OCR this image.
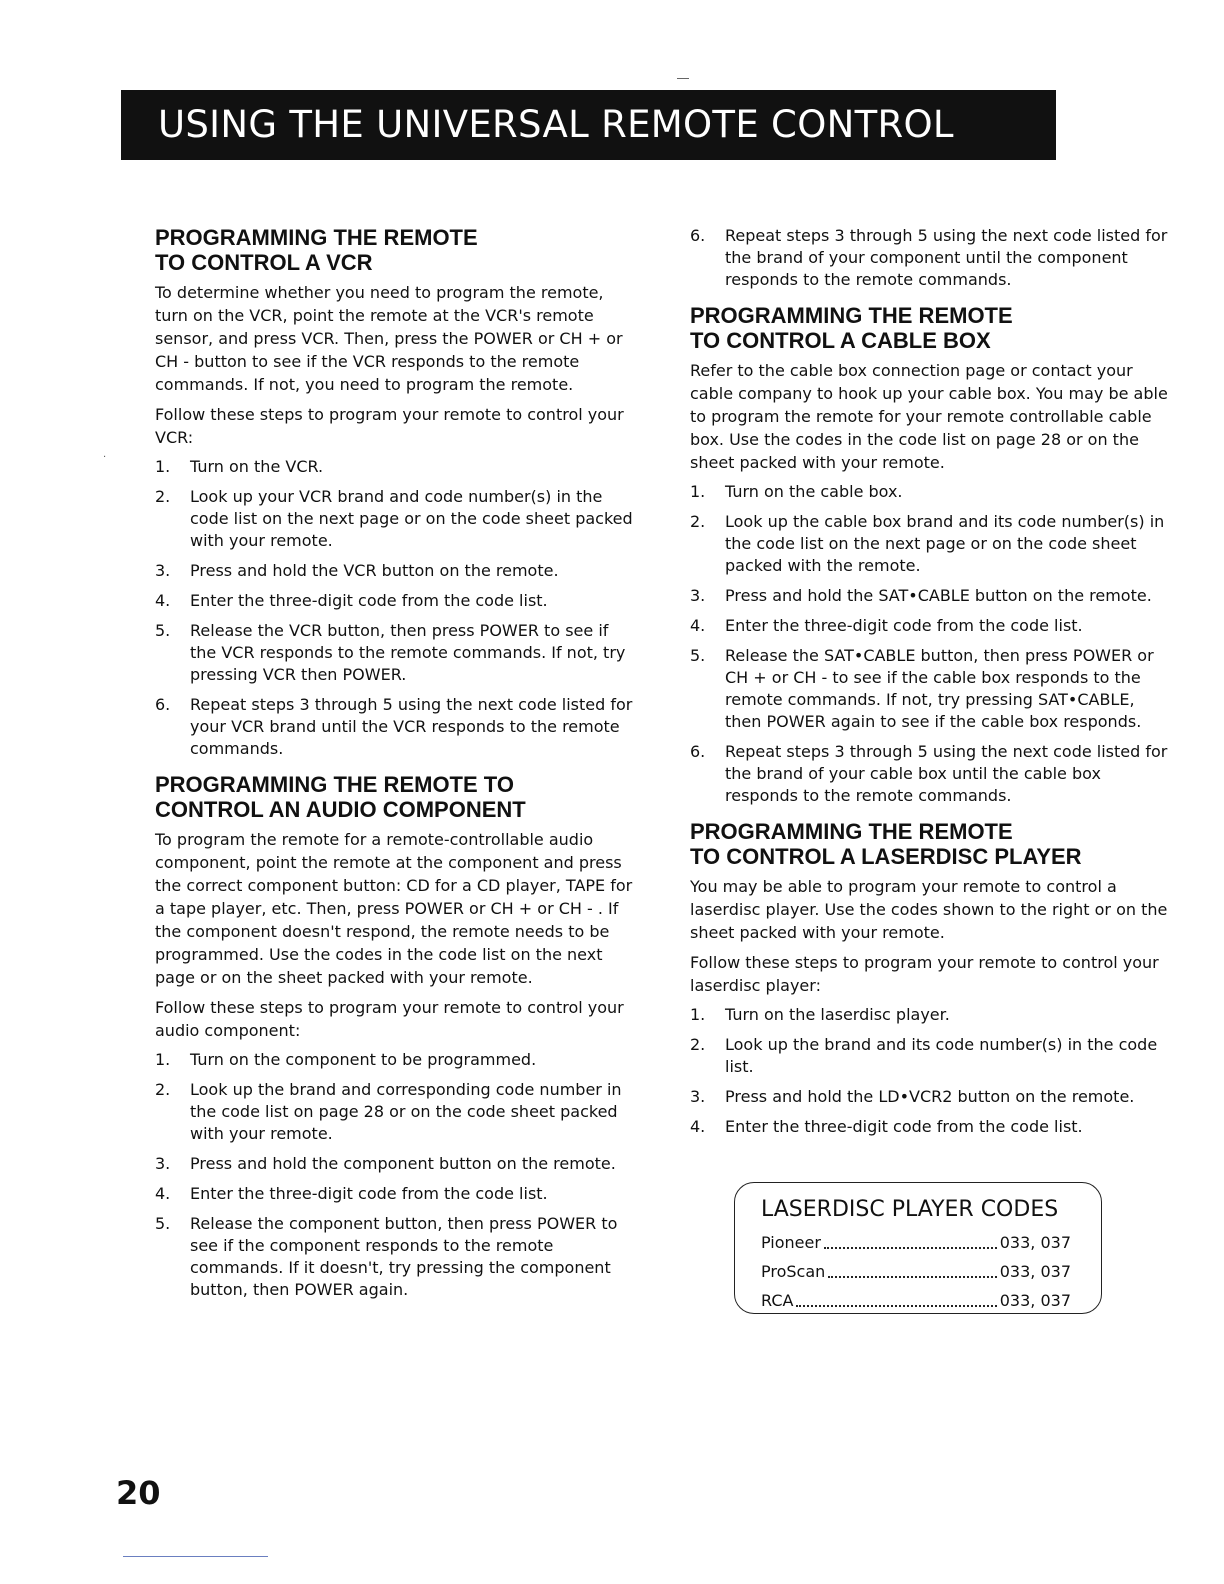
USING THE UNIVERSAL REMOTE CONTROL
·
PROGRAMMING THE REMOTE
TO CONTROL A VCR

To determine whether you need to program the remote, turn on the VCR, point the remote at the VCR's remote sensor, and press VCR. Then, press the POWER or CH + or CH - button to see if the VCR responds to the remote commands. If not, you need to program the remote.

Follow these steps to program your remote to control your VCR:

1. Turn on the VCR.
2. Look up your VCR brand and code number(s) in the code list on the next page or on the code sheet packed with your remote.
3. Press and hold the VCR button on the remote.
4. Enter the three-digit code from the code list.
5. Release the VCR button, then press POWER to see if the VCR responds to the remote commands. If not, try pressing VCR then POWER.
6. Repeat steps 3 through 5 using the next code listed for your VCR brand until the VCR responds to the remote commands.
PROGRAMMING THE REMOTE TO
CONTROL AN AUDIO COMPONENT

To program the remote for a remote-controllable audio component, point the remote at the component and press the correct component button: CD for a CD player, TAPE for a tape player, etc. Then, press POWER or CH + or CH - . If the component doesn't respond, the remote needs to be programmed. Use the codes in the code list on the next page or on the sheet packed with your remote.

Follow these steps to program your remote to control your audio component:

1. Turn on the component to be programmed.
2. Look up the brand and corresponding code number in the code list on page 28 or on the code sheet packed with your remote.
3. Press and hold the component button on the remote.
4. Enter the three-digit code from the code list.
5. Release the component button, then press POWER to see if the component responds to the remote commands. If it doesn't, try pressing the component button, then POWER again.
6. Repeat steps 3 through 5 using the next code listed for the brand of your component until the component responds to the remote commands.
PROGRAMMING THE REMOTE
TO CONTROL A CABLE BOX

Refer to the cable box connection page or contact your cable company to hook up your cable box. You may be able to program the remote for your remote controllable cable box. Use the codes in the code list on page 28 or on the sheet packed with your remote.

1. Turn on the cable box.
2. Look up the cable box brand and its code number(s) in the code list on the next page or on the code sheet packed with the remote.
3. Press and hold the SAT•CABLE button on the remote.
4. Enter the three-digit code from the code list.
5. Release the SAT•CABLE button, then press POWER or CH + or CH - to see if the cable box responds to the remote commands. If not, try pressing SAT•CABLE, then POWER again to see if the cable box responds.
6. Repeat steps 3 through 5 using the next code listed for the brand of your cable box until the cable box responds to the remote commands.
PROGRAMMING THE REMOTE
TO CONTROL A LASERDISC PLAYER

You may be able to program your remote to control a laserdisc player. Use the codes shown to the right or on the sheet packed with your remote.

Follow these steps to program your remote to control your laserdisc player:

1. Turn on the laserdisc player.
2. Look up the brand and its code number(s) in the code list.
3. Press and hold the LD•VCR2 button on the remote.
4. Enter the three-digit code from the code list.
LASERDISC PLAYER CODES
Pioneer	033, 037
ProScan	033, 037
RCA	033, 037
20
